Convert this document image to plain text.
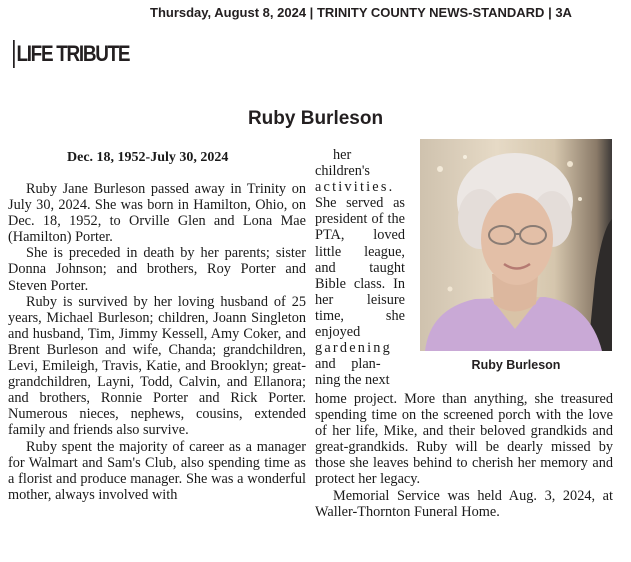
Thursday, August 8, 2024 | TRINITY COUNTY NEWS-STANDARD | 3A
LIFE TRIBUTE
Ruby Burleson
Dec. 18, 1952-July 30, 2024

Ruby Jane Burleson passed away in Trinity on July 30, 2024. She was born in Hamilton, Ohio, on Dec. 18, 1952, to Orville Glen and Lona Mae (Hamilton) Porter.

She is preceded in death by her parents; sister Donna Johnson; and brothers, Roy Porter and Steven Porter.

Ruby is survived by her loving husband of 25 years, Michael Burleson; children, Joann Singleton and husband, Tim, Jimmy Kessell, Amy Coker, and Brent Burleson and wife, Chanda; grandchildren, Levi, Emileigh, Travis, Katie, and Brooklyn; great-grandchildren, Layni, Todd, Calvin, and Ellanora; and brothers, Ronnie Porter and Rick Porter. Numerous nieces, nephews, cousins, extended family and friends also survive.

Ruby spent the majority of career as a manager for Walmart and Sam's Club, also spending time as a florist and produce manager. She was a wonderful mother, always involved with

her children's
activities. She served as president of the PTA, loved little league, and taught Bible class. In her leisure time, she enjoyed gardening
and plan-
ning the next

Ruby Burleson

home project. More than anything, she treasured spending time on the screened porch with the love of her life, Mike, and their beloved grandkids and great-grandkids. Ruby will be dearly missed by those she leaves behind to cherish her memory and protect her legacy.

Memorial Service was held Aug. 3, 2024, at Waller-Thornton Funeral Home.
